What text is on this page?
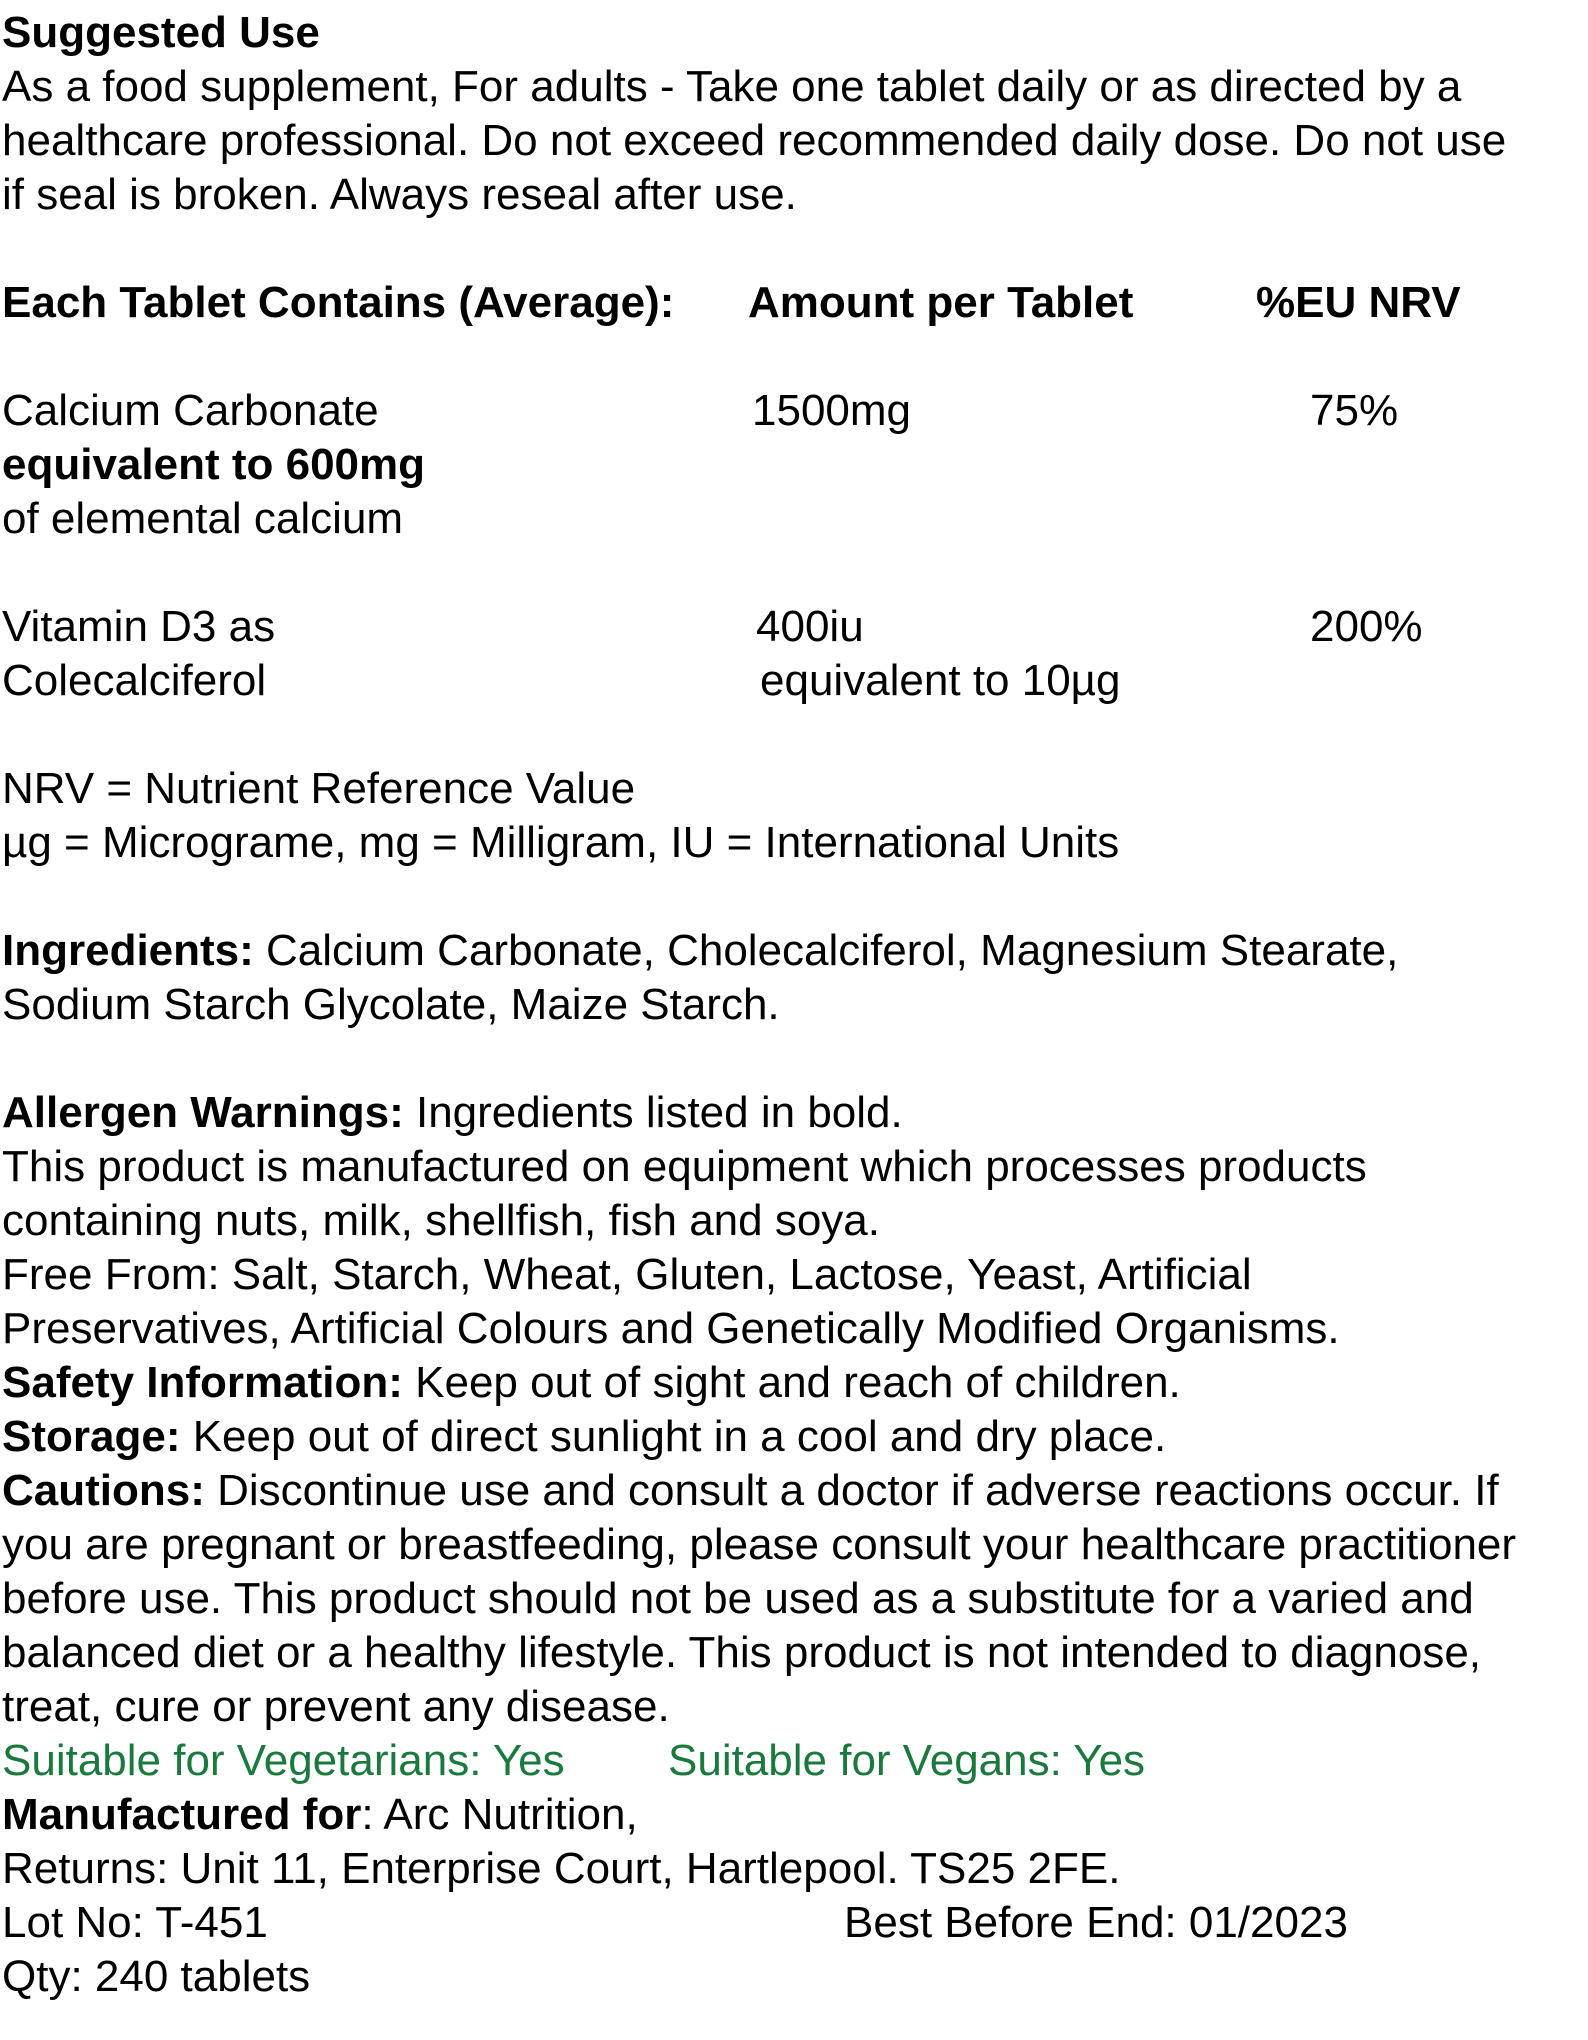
Suggested Use
As a food supplement, For adults - Take one tablet daily or as directed by a
healthcare professional. Do not exceed recommended daily dose. Do not use
if seal is broken. Always reseal after use.
Each Tablet Contains (Average): Amount per Tablet	%EU NRV
Calcium Carbonate	1500mg	75%
equivalent to 600mg
of elemental calcium
Vitamin D3 as	400iu	200%
Colecalciferol	equivalent to 10µg
NRV = Nutrient Reference Value
µg = Micrograme, mg = Milligram, IU = International Units
Ingredients: Calcium Carbonate, Cholecalciferol, Magnesium Stearate,
Sodium Starch Glycolate, Maize Starch.
Allergen Warnings: Ingredients listed in bold.
This product is manufactured on equipment which processes products
containing nuts, milk, shellfish, fish and soya.
Free From: Salt, Starch, Wheat, Gluten, Lactose, Yeast, Artificial
Preservatives, Artificial Colours and Genetically Modified Organisms.
Safety Information: Keep out of sight and reach of children.
Storage: Keep out of direct sunlight in a cool and dry place.
Cautions: Discontinue use and consult a doctor if adverse reactions occur. If
you are pregnant or breastfeeding, please consult your healthcare practitioner
before use. This product should not be used as a substitute for a varied and
balanced diet or a healthy lifestyle. This product is not intended to diagnose,
treat, cure or prevent any disease.
Suitable for Vegetarians: Yes Suitable for Vegans: Yes
Manufactured for: Arc Nutrition,
Returns: Unit 11, Enterprise Court, Hartlepool. TS25 2FE.
Lot No: T-451	Best Before End: 01/2023
Qty: 240 tablets
